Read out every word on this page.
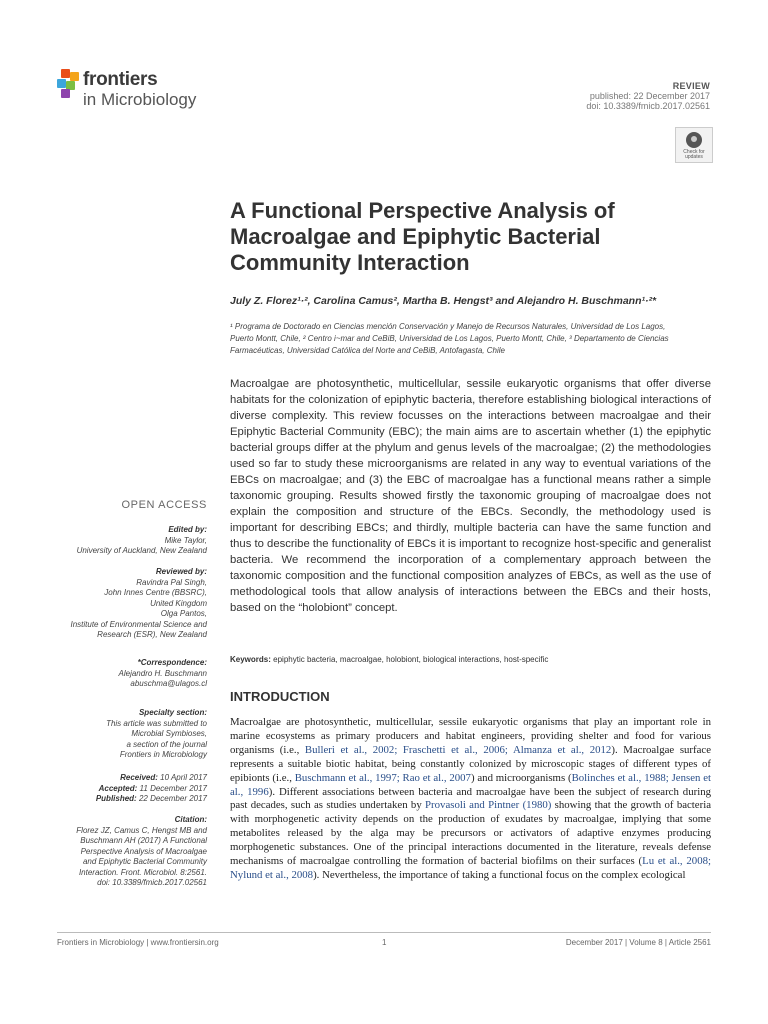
frontiers
in Microbiology
REVIEW
published: 22 December 2017
doi: 10.3389/fmicb.2017.02561
Check for updates
A Functional Perspective Analysis of
Macroalgae and Epiphytic Bacterial
Community Interaction
July Z. Florez¹·², Carolina Camus², Martha B. Hengst³ and Alejandro H. Buschmann¹·²*
¹ Programa de Doctorado en Ciencias mención Conservación y Manejo de Recursos Naturales, Universidad de Los Lagos,
Puerto Montt, Chile, ² Centro i~mar and CeBiB, Universidad de Los Lagos, Puerto Montt, Chile, ³ Departamento de Ciencias
Farmacéuticas, Universidad Católica del Norte and CeBiB, Antofagasta, Chile
Macroalgae are photosynthetic, multicellular, sessile eukaryotic organisms that offer diverse habitats for the colonization of epiphytic bacteria, therefore establishing biological interactions of diverse complexity. This review focusses on the interactions between macroalgae and their Epiphytic Bacterial Community (EBC); the main aims are to ascertain whether (1) the epiphytic bacterial groups differ at the phylum and genus levels of the macroalgae; (2) the methodologies used so far to study these microorganisms are related in any way to eventual variations of the EBCs on macroalgae; and (3) the EBC of macroalgae has a functional means rather a simple taxonomic grouping. Results showed firstly the taxonomic grouping of macroalgae does not explain the composition and structure of the EBCs. Secondly, the methodology used is important for describing EBCs; and thirdly, multiple bacteria can have the same function and thus to describe the functionality of EBCs it is important to recognize host-specific and generalist bacteria. We recommend the incorporation of a complementary approach between the taxonomic composition and the functional composition analyzes of EBCs, as well as the use of methodological tools that allow analysis of interactions between the EBCs and their hosts, based on the “holobiont” concept.
Keywords: epiphytic bacteria, macroalgae, holobiont, biological interactions, host-specific
INTRODUCTION
Macroalgae are photosynthetic, multicellular, sessile eukaryotic organisms that play an important role in marine ecosystems as primary producers and habitat engineers, providing shelter and food for various organisms (i.e., Bulleri et al., 2002; Fraschetti et al., 2006; Almanza et al., 2012). Macroalgae surface represents a suitable biotic habitat, being constantly colonized by microscopic stages of different types of epibionts (i.e., Buschmann et al., 1997; Rao et al., 2007) and microorganisms (Bolinches et al., 1988; Jensen et al., 1996). Different associations between bacteria and macroalgae have been the subject of research during past decades, such as studies undertaken by Provasoli and Pintner (1980) showing that the growth of bacteria with morphogenetic activity depends on the production of exudates by macroalgae, implying that some metabolites released by the alga may be precursors or activators of adaptive enzymes producing morphogenetic substances. One of the principal interactions documented in the literature, reveals defense mechanisms of macroalgae controlling the formation of bacterial biofilms on their surfaces (Lu et al., 2008; Nylund et al., 2008). Nevertheless, the importance of taking a functional focus on the complex ecological
OPEN ACCESS
Edited by:
Mike Taylor,
University of Auckland, New Zealand
Reviewed by:
Ravindra Pal Singh,
John Innes Centre (BBSRC),
United Kingdom
Olga Pantos,
Institute of Environmental Science and
Research (ESR), New Zealand
*Correspondence:
Alejandro H. Buschmann
abuschma@ulagos.cl
Specialty section:
This article was submitted to
Microbial Symbioses,
a section of the journal
Frontiers in Microbiology
Received: 10 April 2017
Accepted: 11 December 2017
Published: 22 December 2017
Citation:
Florez JZ, Camus C, Hengst MB and
Buschmann AH (2017) A Functional
Perspective Analysis of Macroalgae
and Epiphytic Bacterial Community
Interaction. Front. Microbiol. 8:2561.
doi: 10.3389/fmicb.2017.02561
Frontiers in Microbiology | www.frontiersin.org	1	December 2017 | Volume 8 | Article 2561
